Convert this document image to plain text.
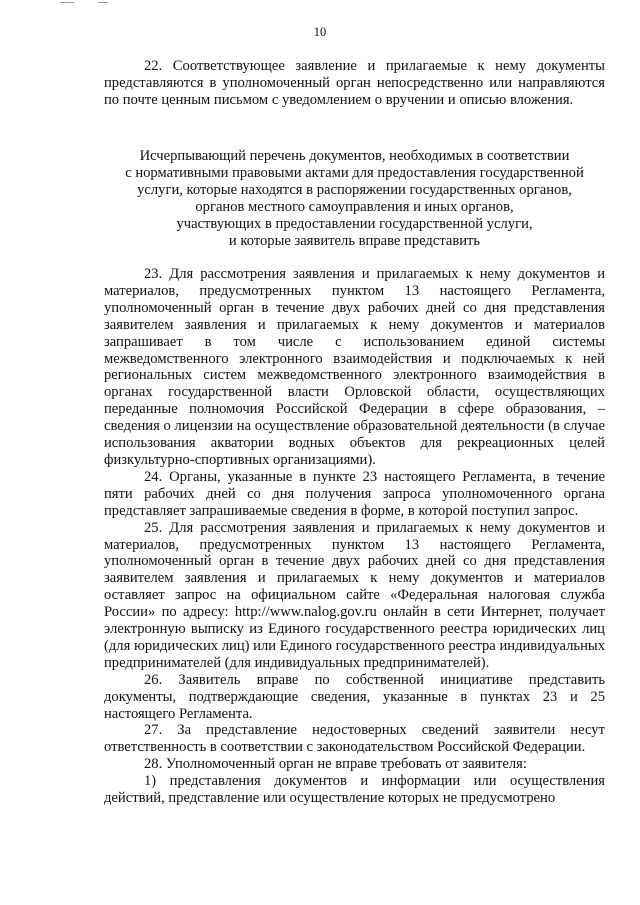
10

22. Соответствующее заявление и прилагаемые к нему документы представляются в уполномоченный орган непосредственно или направляются по почте ценным письмом с уведомлением о вручении и описью вложения.

Исчерпывающий перечень документов, необходимых в соответствии
с нормативными правовыми актами для предоставления государственной
услуги, которые находятся в распоряжении государственных органов,
органов местного самоуправления и иных органов,
участвующих в предоставлении государственной услуги,
и которые заявитель вправе представить

23. Для рассмотрения заявления и прилагаемых к нему документов и материалов, предусмотренных пунктом 13 настоящего Регламента, уполномоченный орган в течение двух рабочих дней со дня представления заявителем заявления и прилагаемых к нему документов и материалов запрашивает в том числе с использованием единой системы межведомственного электронного взаимодействия и подключаемых к ней региональных систем межведомственного электронного взаимодействия в органах государственной власти Орловской области, осуществляющих переданные полномочия Российской Федерации в сфере образования, – сведения о лицензии на осуществление образовательной деятельности (в случае использования акватории водных объектов для рекреационных целей физкультурно-спортивных организациями).

24. Органы, указанные в пункте 23 настоящего Регламента, в течение пяти рабочих дней со дня получения запроса уполномоченного органа представляет запрашиваемые сведения в форме, в которой поступил запрос.

25. Для рассмотрения заявления и прилагаемых к нему документов и материалов, предусмотренных пунктом 13 настоящего Регламента, уполномоченный орган в течение двух рабочих дней со дня представления заявителем заявления и прилагаемых к нему документов и материалов оставляет запрос на официальном сайте «Федеральная налоговая служба России» по адресу: http://www.nalog.gov.ru онлайн в сети Интернет, получает электронную выписку из Единого государственного реестра юридических лиц (для юридических лиц) или Единого государственного реестра индивидуальных предпринимателей (для индивидуальных предпринимателей).

26. Заявитель вправе по собственной инициативе представить документы, подтверждающие сведения, указанные в пунктах 23 и 25 настоящего Регламента.

27. За представление недостоверных сведений заявители несут ответственность в соответствии с законодательством Российской Федерации.

28. Уполномоченный орган не вправе требовать от заявителя:

1) представления документов и информации или осуществления действий, представление или осуществление которых не предусмотрено
